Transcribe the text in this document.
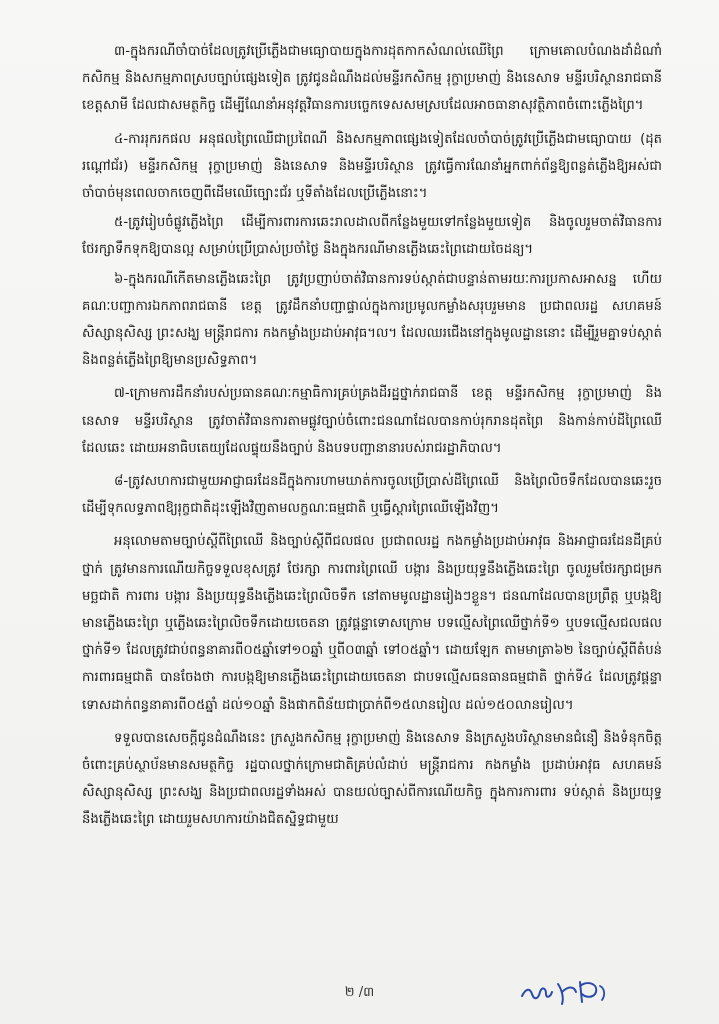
៣-ក្នុងករណីចាំបាច់ដែលត្រូវប្រើភ្លើងជាមធ្យោបាយក្នុងការដុតកាកសំណល់ឈើព្រៃ ក្រោមគោលបំណងដាំដំណាំកសិកម្ម និងសកម្មភាពស្របច្បាប់ផ្សេងទៀត ត្រូវជូនដំណឹងដល់មន្ទីរកសិកម្ម រុក្ខាប្រមាញ់ និងនេសាទ មន្ទីរបរិស្ថានរាជធានី ខេត្តសាមី ដែលជាសមត្ថកិច្ច ដើម្បីណែនាំអនុវត្តវិធានការបច្ចេកទេសសមស្របដែលអាចធានាសុវត្ថិភាពចំពោះភ្លើងព្រៃ។

៤-ការរុករកផល អនុផលព្រៃឈើជាប្រពៃណី និងសកម្មភាពផ្សេងទៀតដែលចាំបាច់ត្រូវប្រើភ្លើងជាមធ្យោបាយ (ដុតរណ្តៅជ័រ) មន្ទីរកសិកម្ម រុក្ខាប្រមាញ់ និងនេសាទ និងមន្ទីរបរិស្ថាន ត្រូវធ្វើការណែនាំអ្នកពាក់ព័ន្ធឱ្យពន្លត់ភ្លើងឱ្យអស់ជាចាំបាច់មុនពេលចាកចេញពីដើមឈើច្បោះជ័រ ឬទីតាំងដែលប្រើភ្លើងនោះ។

៥-ត្រូវរៀបចំផ្លូវភ្លើងព្រៃ ដើម្បីការពារការឆេះរាលដាលពីកន្លែងមួយទៅកន្លែងមួយទៀត និងចូលរួមចាត់វិធានការថែរក្សាទឹកទុកឱ្យបានល្អ សម្រាប់ប្រើប្រាស់ប្រចាំថ្ងៃ និងក្នុងករណីមានភ្លើងឆេះព្រៃដោយចៃដន្យ។

៦-ក្នុងករណីកើតមានភ្លើងឆេះព្រៃ ត្រូវប្រញាប់ចាត់វិធានការទប់ស្កាត់ជាបន្ទាន់តាមរយៈការប្រកាសអាសន្ន ហើយគណៈបញ្ជាការឯកភាពរាជធានី ខេត្ត ត្រូវដឹកនាំបញ្ជាផ្ទាល់ក្នុងការប្រមូលកម្លាំងសរុបរួមមាន ប្រជាពលរដ្ឋ សហគមន៍ សិស្សានុសិស្ស ព្រះសង្ឃ មន្ត្រីរាជការ កងកម្លាំងប្រដាប់អាវុធ។ល។ ដែលឈរជើងនៅក្នុងមូលដ្ឋាននោះ ដើម្បីរួមគ្នាទប់ស្កាត់ និងពន្លត់ភ្លើងព្រៃឱ្យមានប្រសិទ្ធភាព។

៧-ក្រោមការដឹកនាំរបស់ប្រធានគណៈកម្មាធិការគ្រប់គ្រងដីរដ្ឋថ្នាក់រាជធានី ខេត្ត មន្ទីរកសិកម្ម រុក្ខាប្រមាញ់ និងនេសាទ មន្ទីរបរិស្ថាន ត្រូវចាត់វិធានការតាមផ្លូវច្បាប់ចំពោះជនណាដែលបានកាប់រុករានដុតព្រៃ និងកាន់កាប់ដីព្រៃឈើដែលឆេះ ដោយអនាធិបតេយ្យដែលផ្ទុយនឹងច្បាប់ និងបទបញ្ជានានារបស់រាជរដ្ឋាភិបាល។

៨-ត្រូវសហការជាមួយអាជ្ញាធរដែនដីក្នុងការហាមឃាត់ការចូលប្រើប្រាស់ដីព្រៃឈើ និងព្រៃលិចទឹកដែលបានឆេះរួច ដើម្បីទុកលទ្ធភាពឱ្យរុក្ខជាតិដុះឡើងវិញតាមលក្ខណៈធម្មជាតិ ឬធ្វើស្តារព្រៃឈើឡើងវិញ។

អនុលោមតាមច្បាប់ស្តីពីព្រៃឈើ និងច្បាប់ស្តីពីជលផល ប្រជាពលរដ្ឋ កងកម្លាំងប្រដាប់អាវុធ និងអាជ្ញាធរដែនដីគ្រប់ថ្នាក់ ត្រូវមានការណើយកិច្ចទទួលខុសត្រូវ ថែរក្សា ការពារព្រៃឈើ បង្ការ និងប្រយុទ្ធនឹងភ្លើងឆេះព្រៃ ចូលរួមថែរក្សាជម្រកមច្ឆជាតិ ការពារ បង្ការ និងប្រយុទ្ធនឹងភ្លើងឆេះព្រៃលិចទឹក នៅតាមមូលដ្ឋានរៀងៗខ្លួន។ ជនណាដែលបានប្រព្រឹត្ត ឬបង្កឱ្យមានភ្លើងឆេះព្រៃ ឬភ្លើងឆេះព្រៃលិចទឹកដោយចេតនា ត្រូវផ្តន្ទាទោសក្រោម បទល្មើសព្រៃឈើថ្នាក់ទី១ ឬបទល្មើសជលផលថ្នាក់ទី១ ដែលត្រូវជាប់ពន្ធនាគារពី០៥ឆ្នាំទៅ១០ឆ្នាំ ឬពី០៣ឆ្នាំ ទៅ០៥ឆ្នាំ។ ដោយឡែក តាមមាត្រា៦២ នៃច្បាប់ស្តីពីតំបន់ការពារធម្មជាតិ បានចែងថា ការបង្កឱ្យមានភ្លើងឆេះព្រៃដោយចេតនា ជាបទល្មើសធនធានធម្មជាតិ ថ្នាក់ទី៤ ដែលត្រូវផ្តន្ទាទោសដាក់ពន្ធនាគារពី០៥ឆ្នាំ ដល់១០ឆ្នាំ និងផាកពិន័យជាប្រាក់ពី១៥លានរៀល ដល់១៥០លានរៀល។

ទទួលបានសេចក្តីជូនដំណឹងនេះ ក្រសួងកសិកម្ម រុក្ខាប្រមាញ់ និងនេសាទ និងក្រសួងបរិស្ថានមានជំនឿ និងទំនុកចិត្តចំពោះគ្រប់ស្ថាប័នមានសមត្ថកិច្ច រដ្ឋបាលថ្នាក់ក្រោមជាតិគ្រប់លំដាប់ មន្ត្រីរាជការ កងកម្លាំង ប្រដាប់អាវុធ សហគមន៍ សិស្សានុសិស្ស ព្រះសង្ឃ និងប្រជាពលរដ្ឋទាំងអស់ បានយល់ច្បាស់ពីការណើយកិច្ច ក្នុងការការពារ ទប់ស្កាត់ និងប្រយុទ្ធនឹងភ្លើងឆេះព្រៃ ដោយរួមសហការយ៉ាងជិតស្និទ្ធជាមួយ

២ /៣
